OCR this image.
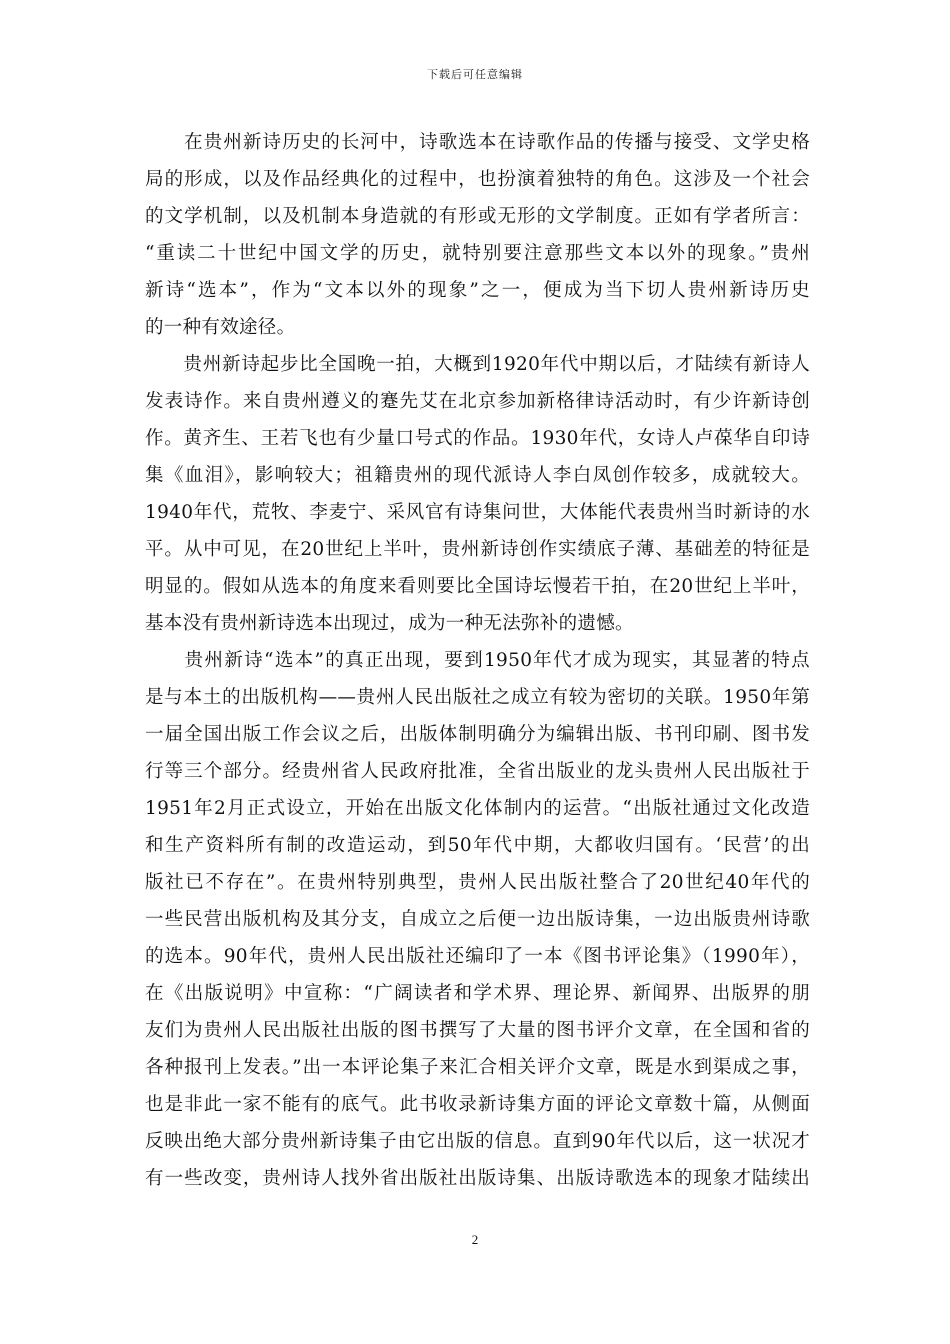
下载后可任意编辑

　　在贵州新诗历史的长河中，诗歌选本在诗歌作品的传播与接受、文学史格
局的形成，以及作品经典化的过程中，也扮演着独特的角色。这涉及一个社会
的文学机制，以及机制本身造就的有形或无形的文学制度。正如有学者所言：
“重读二十世纪中国文学的历史，就特别要注意那些文本以外的现象。”贵州
新诗“选本”，作为“文本以外的现象”之一，便成为当下切人贵州新诗历史
的一种有效途径。

　　贵州新诗起步比全国晚一拍，大概到1920年代中期以后，才陆续有新诗人
发表诗作。来自贵州遵义的蹇先艾在北京参加新格律诗活动时，有少许新诗创
作。黄齐生、王若飞也有少量口号式的作品。1930年代，女诗人卢葆华自印诗
集《血泪》，影响较大；祖籍贵州的现代派诗人李白凤创作较多，成就较大。
1940年代，荒牧、李麦宁、采风官有诗集问世，大体能代表贵州当时新诗的水
平。从中可见，在20世纪上半叶，贵州新诗创作实绩底子薄、基础差的特征是
明显的。假如从选本的角度来看则要比全国诗坛慢若干拍，在20世纪上半叶，
基本没有贵州新诗选本出现过，成为一种无法弥补的遗憾。

　　贵州新诗“选本”的真正出现，要到1950年代才成为现实，其显著的特点
是与本土的出版机构——贵州人民出版社之成立有较为密切的关联。1950年第
一届全国出版工作会议之后，出版体制明确分为编辑出版、书刊印刷、图书发
行等三个部分。经贵州省人民政府批准，全省出版业的龙头贵州人民出版社于
1951年2月正式设立，开始在出版文化体制内的运营。“出版社通过文化改造
和生产资料所有制的改造运动，到50年代中期，大都收归国有。‘民营’的出
版社已不存在”。在贵州特别典型，贵州人民出版社整合了20世纪40年代的
一些民营出版机构及其分支，自成立之后便一边出版诗集，一边出版贵州诗歌
的选本。90年代，贵州人民出版社还编印了一本《图书评论集》（1990年），
在《出版说明》中宣称：“广阔读者和学术界、理论界、新闻界、出版界的朋
友们为贵州人民出版社出版的图书撰写了大量的图书评介文章，在全国和省的
各种报刊上发表。”出一本评论集子来汇合相关评介文章，既是水到渠成之事，
也是非此一家不能有的底气。此书收录新诗集方面的评论文章数十篇，从侧面
反映出绝大部分贵州新诗集子由它出版的信息。直到90年代以后，这一状况才
有一些改变，贵州诗人找外省出版社出版诗集、出版诗歌选本的现象才陆续出

2
